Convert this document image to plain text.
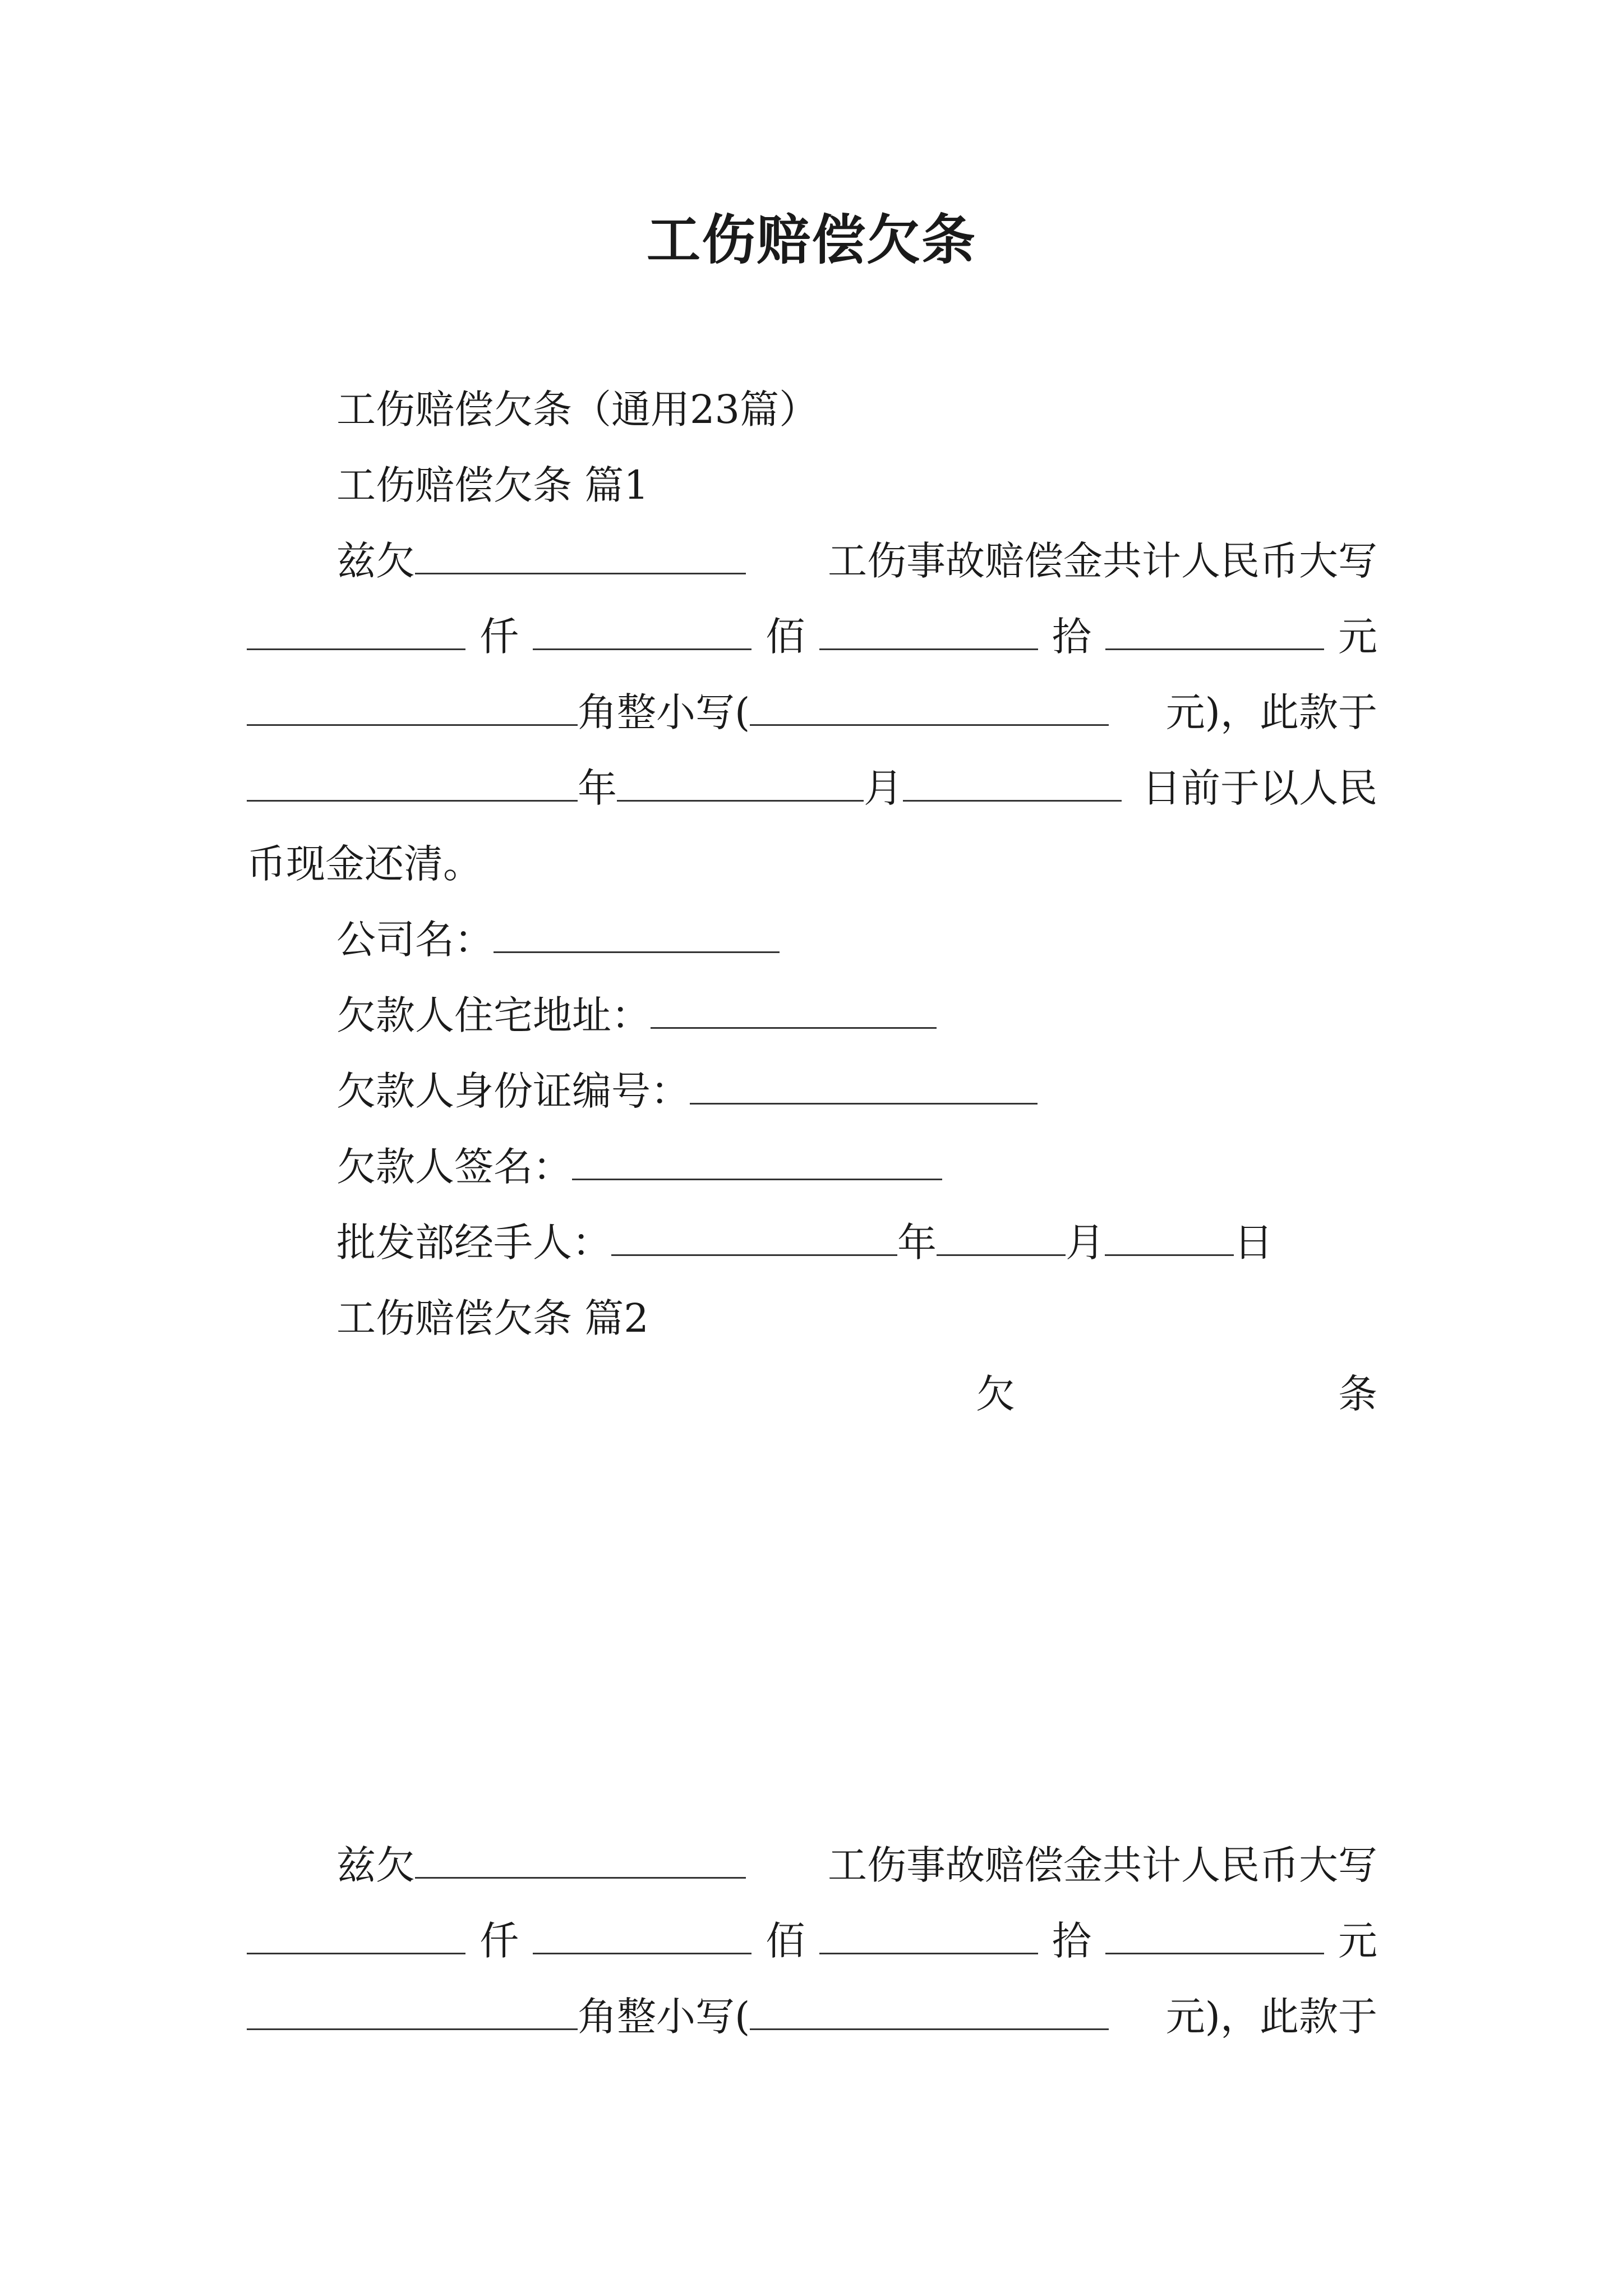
工伤赔偿欠条
工伤赔偿欠条（通用23篇）
工伤赔偿欠条 篇1
兹欠	工伤事故赔偿金共计人民币大写
仟	佰	拾	元
角整小写(	元)，此款于
年	月	日前于以人民
币现金还清。
公司名：
欠款人住宅地址：
欠款人身份证编号：
欠款人签名：
批发部经手人：	年	月	日
工伤赔偿欠条 篇2
欠	条
兹欠	工伤事故赔偿金共计人民币大写
仟	佰	拾	元
角整小写(	元)，此款于
